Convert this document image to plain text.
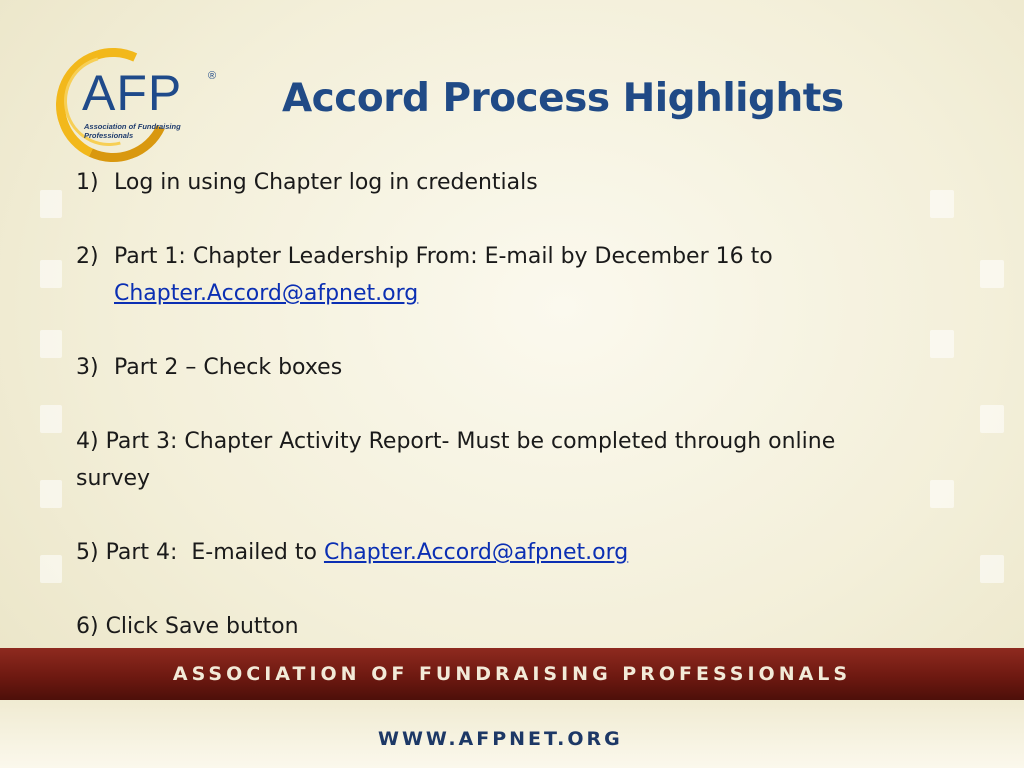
AFP ®
Association of Fundraising Professionals
Accord Process Highlights
1) Log in using Chapter log in credentials
2) Part 1: Chapter Leadership From: E-mail by December 16 to
Chapter.Accord@afpnet.org
3) Part 2 – Check boxes
4) Part 3: Chapter Activity Report- Must be completed through online survey
5) Part 4:  E-mailed to Chapter.Accord@afpnet.org
6) Click Save button
ASSOCIATION OF FUNDRAISING PROFESSIONALS
WWW.AFPNET.ORG
